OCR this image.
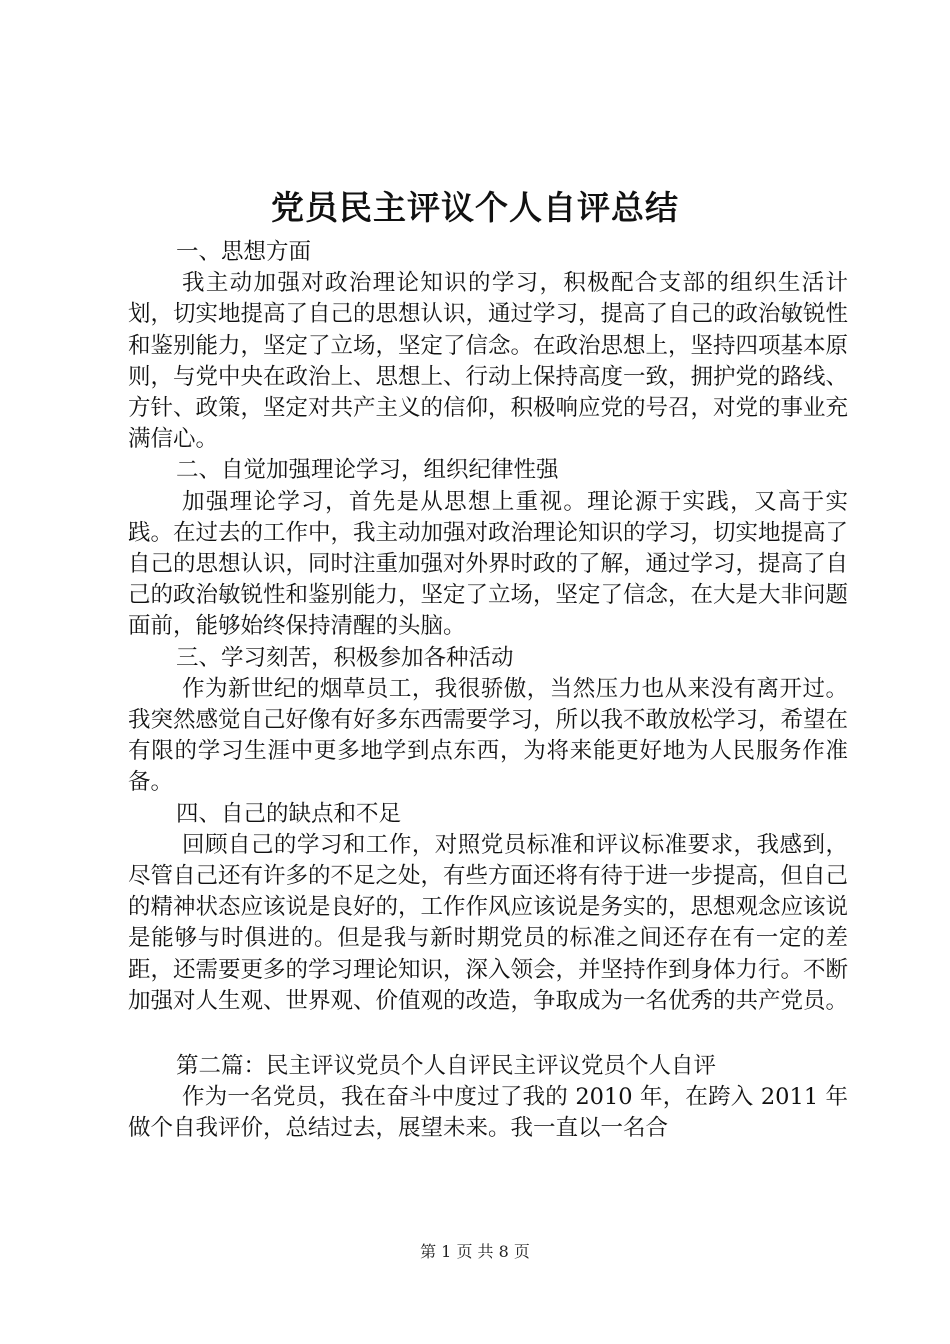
党员民主评议个人自评总结

一、思想方面

我主动加强对政治理论知识的学习，积极配合支部的组织生活计划，切实地提高了自己的思想认识，通过学习，提高了自己的政治敏锐性和鉴别能力，坚定了立场，坚定了信念。在政治思想上，坚持四项基本原则，与党中央在政治上、思想上、行动上保持高度一致，拥护党的路线、方针、政策，坚定对共产主义的信仰，积极响应党的号召，对党的事业充满信心。

二、自觉加强理论学习，组织纪律性强

加强理论学习，首先是从思想上重视。理论源于实践，又高于实践。在过去的工作中，我主动加强对政治理论知识的学习，切实地提高了自己的思想认识，同时注重加强对外界时政的了解，通过学习，提高了自己的政治敏锐性和鉴别能力，坚定了立场，坚定了信念，在大是大非问题面前，能够始终保持清醒的头脑。

三、学习刻苦，积极参加各种活动

作为新世纪的烟草员工，我很骄傲，当然压力也从来没有离开过。我突然感觉自己好像有好多东西需要学习，所以我不敢放松学习，希望在有限的学习生涯中更多地学到点东西，为将来能更好地为人民服务作准备。

四、自己的缺点和不足

回顾自己的学习和工作，对照党员标准和评议标准要求，我感到，尽管自己还有许多的不足之处，有些方面还将有待于进一步提高，但自己的精神状态应该说是良好的，工作作风应该说是务实的，思想观念应该说是能够与时俱进的。但是我与新时期党员的标准之间还存在有一定的差距，还需要更多的学习理论知识，深入领会，并坚持作到身体力行。不断加强对人生观、世界观、价值观的改造，争取成为一名优秀的共产党员。

第二篇：民主评议党员个人自评民主评议党员个人自评

作为一名党员，我在奋斗中度过了我的 2010 年，在跨入 2011 年做个自我评价，总结过去，展望未来。我一直以一名合

第 1 页 共 8 页
